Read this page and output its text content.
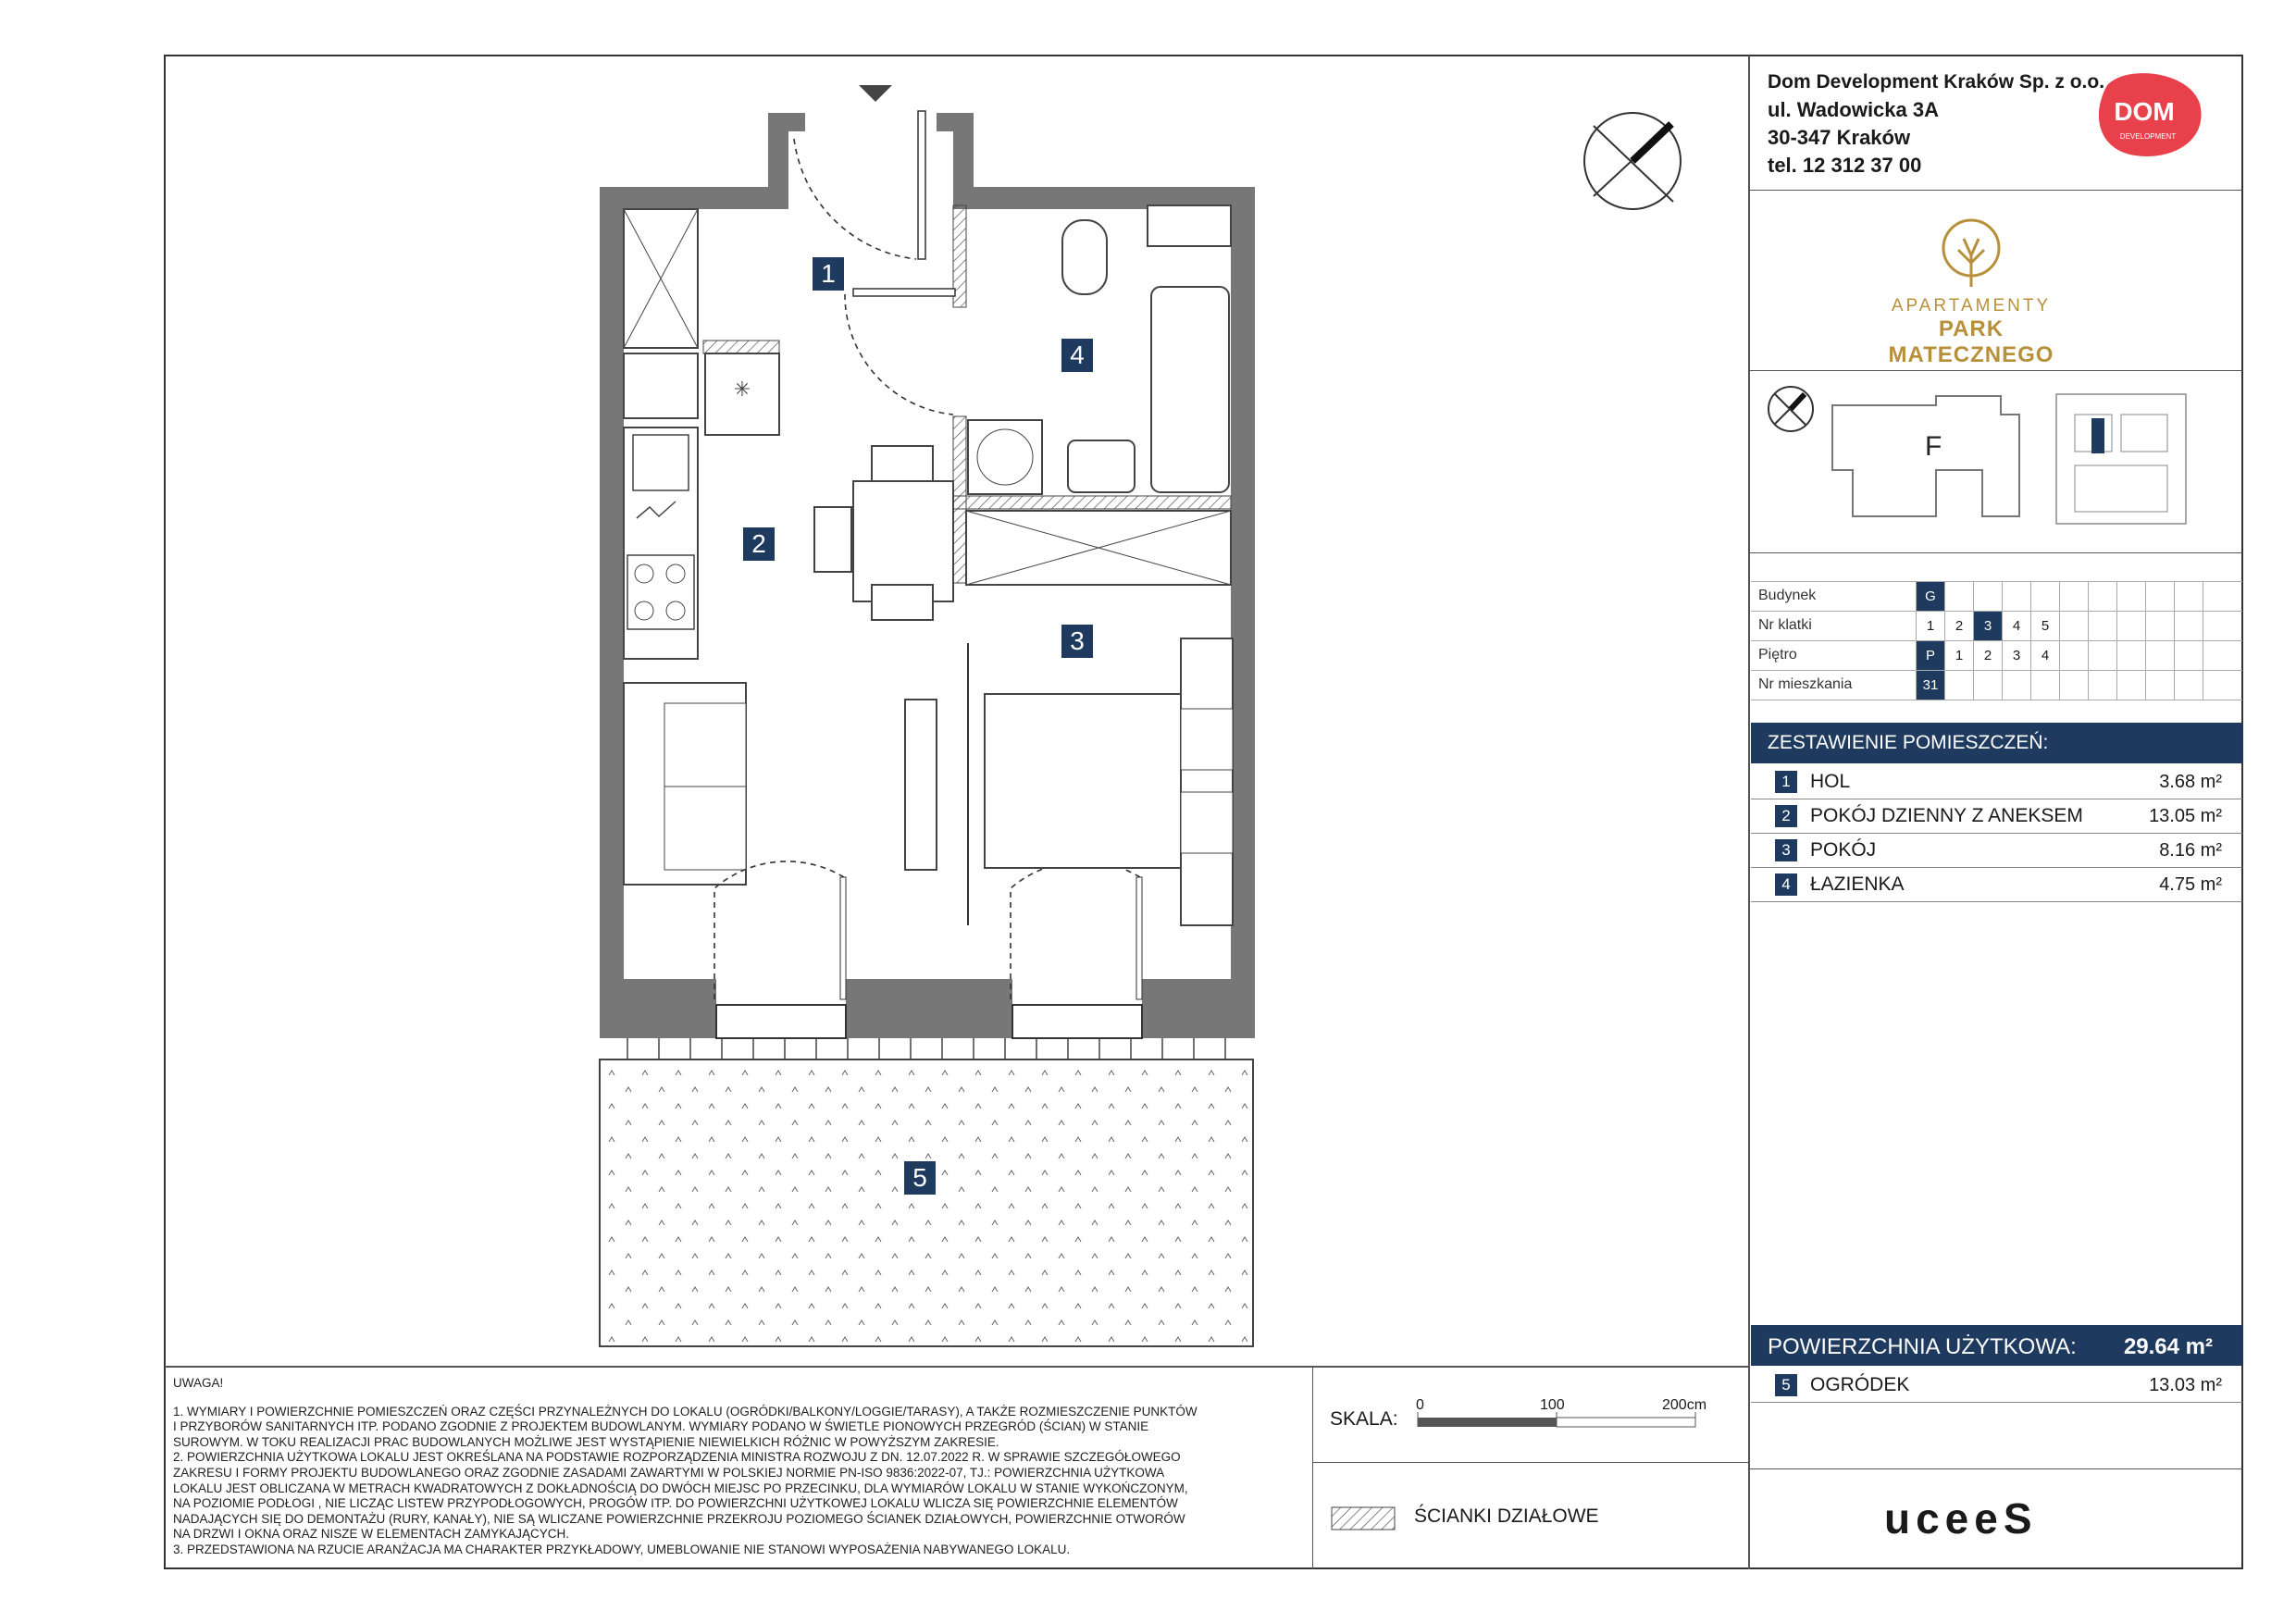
✳
1
2
3
4
5
Dom Development Kraków Sp. z o.o.
ul. Wadowicka 3A
30-347 Kraków
tel. 12 312 37 00
DOM
DEVELOPMENT
APARTAMENTY
PARK MATECZNEGO
F
Budynek	G
Nr klatki	1	2	3	4	5
Piętro	P	1	2	3	4
Nr mieszkania	31
ZESTAWIENIE POMIESZCZEŃ:
1	HOL	3.68 m²
2	POKÓJ DZIENNY Z ANEKSEM	13.05 m²
3	POKÓJ	8.16 m²
4	ŁAZIENKA	4.75 m²
POWIERZCHNIA UŻYTKOWA: 29.64 m²
5	OGRÓDEK	13.03 m²
UWAGA!
1. WYMIARY I POWIERZCHNIE POMIESZCZEŃ ORAZ CZĘŚCI PRZYNALEŻNYCH DO LOKALU (OGRÓDKI/BALKONY/LOGGIE/TARASY), A TAKŻE ROZMIESZCZENIE PUNKTÓW
I PRZYBORÓW SANITARNYCH ITP. PODANO ZGODNIE Z PROJEKTEM BUDOWLANYM. WYMIARY PODANO W ŚWIETLE PIONOWYCH PRZEGRÓD (ŚCIAN) W STANIE
SUROWYM. W TOKU REALIZACJI PRAC BUDOWLANYCH MOŻLIWE JEST WYSTĄPIENIE NIEWIELKICH RÓŻNIC W POWYŻSZYM ZAKRESIE.
2. POWIERZCHNIA UŻYTKOWA LOKALU JEST OKREŚLANA NA PODSTAWIE ROZPORZĄDZENIA MINISTRA ROZWOJU Z DN. 12.07.2022 R. W SPRAWIE SZCZEGÓŁOWEGO
ZAKRESU I FORMY PROJEKTU BUDOWLANEGO ORAZ ZGODNIE ZASADAMI ZAWARTYMI W POLSKIEJ NORMIE PN-ISO 9836:2022-07, TJ.: POWIERZCHNIA UŻYTKOWA
LOKALU JEST OBLICZANA W METRACH KWADRATOWYCH Z DOKŁADNOŚCIĄ DO DWÓCH MIEJSC PO PRZECINKU, DLA WYMIARÓW LOKALU W STANIE WYKOŃCZONYM,
NA POZIOMIE PODŁOGI , NIE LICZĄC LISTEW PRZYPODŁOGOWYCH, PROGÓW ITP. DO POWIERZCHNI UŻYTKOWEJ LOKALU WLICZA SIĘ POWIERZCHNIE ELEMENTÓW
NADAJĄCYCH SIĘ DO DEMONTAŻU (RURY, KANAŁY), NIE SĄ WLICZANE POWIERZCHNIE PRZEKROJU POZIOMEGO ŚCIANEK DZIAŁOWYCH, POWIERZCHNIE OTWORÓW
NA DRZWI I OKNA ORAZ NISZE W ELEMENTACH ZAMYKAJĄCYCH.
3. PRZEDSTAWIONA NA RZUCIE ARANŻACJA MA CHARAKTER PRZYKŁADOWY, UMEBLOWANIE NIE STANOWI WYPOSAŻENIA NABYWANEGO LOKALU.
SKALA:
0	100	200cm
ŚCIANKI DZIAŁOWE	uceeS
